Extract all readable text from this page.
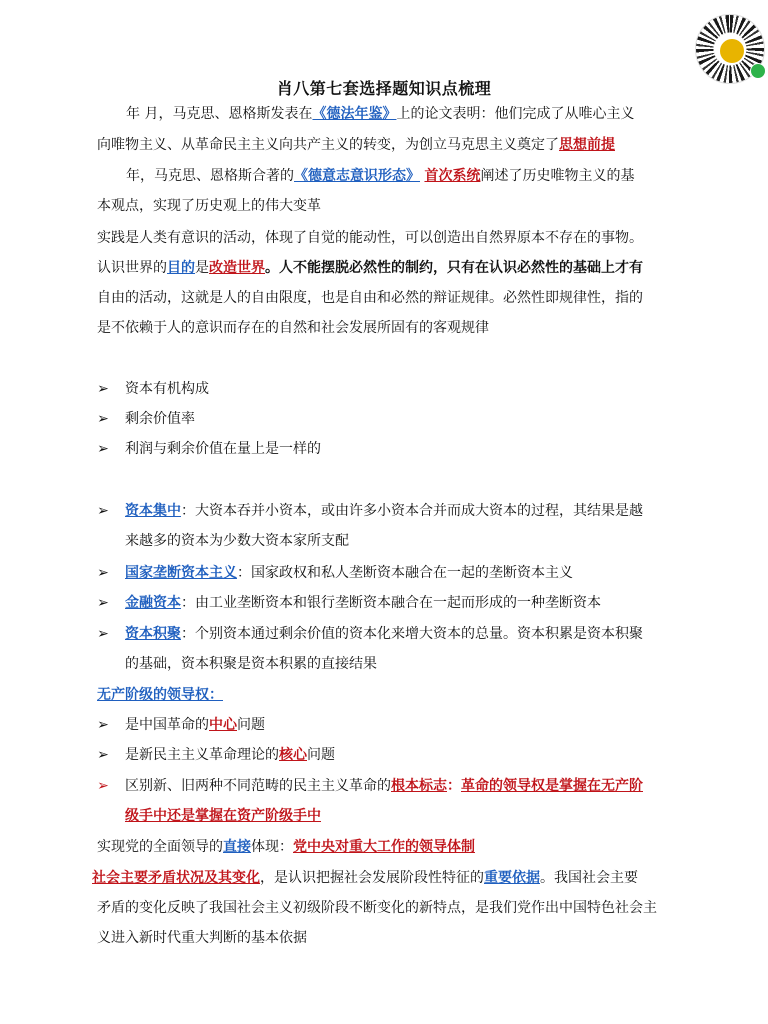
肖八第七套选择题知识点梳理
年 月，马克思、恩格斯发表在《德法年鉴》上的论文表明：他们完成了从唯心主义
向唯物主义、从革命民主主义向共产主义的转变，为创立马克思主义奠定了思想前提
年，马克思、恩格斯合著的《德意志意识形态》 首次系统阐述了历史唯物主义的基
本观点，实现了历史观上的伟大变革
实践是人类有意识的活动，体现了自觉的能动性，可以创造出自然界原本不存在的事物。
认识世界的目的是改造世界。人不能摆脱必然性的制约，只有在认识必然性的基础上才有
自由的活动，这就是人的自由限度，也是自由和必然的辩证规律。必然性即规律性，指的
是不依赖于人的意识而存在的自然和社会发展所固有的客观规律
➢ 资本有机构成
➢ 剩余价值率
➢ 利润与剩余价值在量上是一样的
➢ 资本集中：大资本吞并小资本，或由许多小资本合并而成大资本的过程，其结果是越
来越多的资本为少数大资本家所支配
➢ 国家垄断资本主义：国家政权和私人垄断资本融合在一起的垄断资本主义
➢ 金融资本：由工业垄断资本和银行垄断资本融合在一起而形成的一种垄断资本
➢ 资本积聚：个别资本通过剩余价值的资本化来增大资本的总量。资本积累是资本积聚
的基础，资本积聚是资本积累的直接结果
无产阶级的领导权：
➢ 是中国革命的中心问题
➢ 是新民主主义革命理论的核心问题
➢ 区别新、旧两种不同范畴的民主主义革命的根本标志：革命的领导权是掌握在无产阶
级手中还是掌握在资产阶级手中
实现党的全面领导的直接体现：党中央对重大工作的领导体制
社会主要矛盾状况及其变化，是认识把握社会发展阶段性特征的重要依据。我国社会主要
矛盾的变化反映了我国社会主义初级阶段不断变化的新特点，是我们党作出中国特色社会主
义进入新时代重大判断的基本依据
